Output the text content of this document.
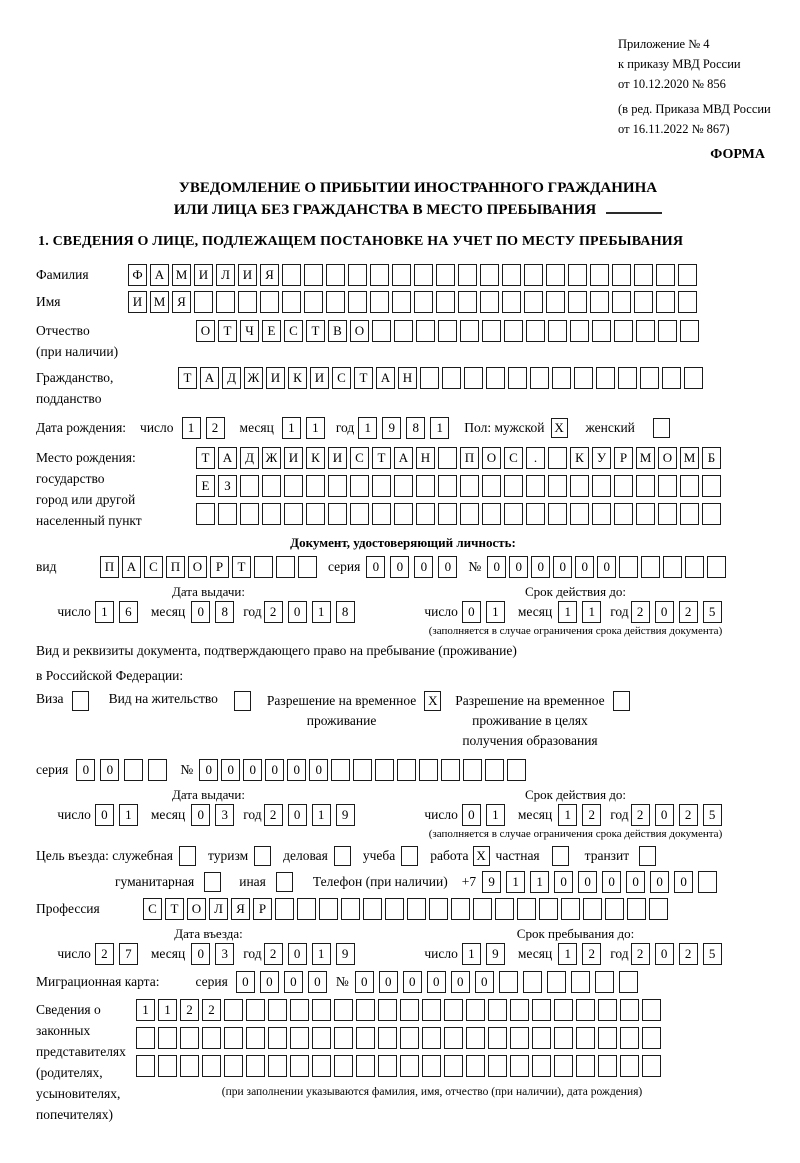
Приложение № 4
к приказу МВД России
от 10.12.2020 № 856
(в ред. Приказа МВД России
от 16.11.2022 № 867)
ФОРМА
УВЕДОМЛЕНИЕ О ПРИБЫТИИ ИНОСТРАННОГО ГРАЖДАНИНА
ИЛИ ЛИЦА БЕЗ ГРАЖДАНСТВА В МЕСТО ПРЕБЫВАНИЯ
1. СВЕДЕНИЯ О ЛИЦЕ, ПОДЛЕЖАЩЕМ ПОСТАНОВКЕ НА УЧЕТ ПО МЕСТУ ПРЕБЫВАНИЯ
Фамилия	Ф А М И Л И Я
Имя	И М Я
Отчество
(при наличии)
О	Т	Ч	Е	С	Т	В О
Гражданство,
подданство
Т	А Д Ж И К И С	Т	А Н
Дата рождения: число	1	2	месяц	1	1	год 1	9	8	1	Пол: мужской X женский
Место рождения:
государство
город или другой
населенный пункт
Т	А Д Ж И К И С	Т	А Н	П О С	.	К	У	Р М О М Б
Е	З
Документ, удостоверяющий личность:
вид	П А С П О	Р	Т	серия 0	0	0	0	№ 0	0	0	0	0	0
Дата выдачи:
число 1	6	месяц 0	8	год 2	0	1	8
Срок действия до:
число 0	1	месяц 1	1	год 2	0	2	5
(заполняется в случае ограничения срока действия документа)
Вид и реквизиты документа, подтверждающего право на пребывание (проживание)
в Российской Федерации:
Виза	Вид на жительство	Разрешение на временное
проживание
X Разрешение на временное
проживание в целях
получения образования
серия	0	0	№ 0	0	0	0	0	0
Дата выдачи:
число 0	1	месяц 0	3	год 2	0	1	9
Срок действия до:
число 0	1	месяц 1	2	год 2	0	2	5
(заполняется в случае ограничения срока действия документа)
Цель въезда: служебная	туризм	деловая	учеба	работа X частная	транзит
гуманитарная	иная	Телефон (при наличии) +7 9	1	1	0	0	0	0	0	0
Профессия	С	Т	О Л	Я	Р
Дата въезда:
число 2	7	месяц 0	3	год 2	0	1	9
Срок пребывания до:
число 1	9	месяц 1	2	год 2	0	2	5
Миграционная карта:	серия	0	0	0	0	№ 0	0	0	0	0	0
Сведения о
законных
представителях
(родителях,
усыновителях,
попечителях)
1	1	2	2
(при заполнении указываются фамилия, имя, отчество (при наличии), дата рождения)
